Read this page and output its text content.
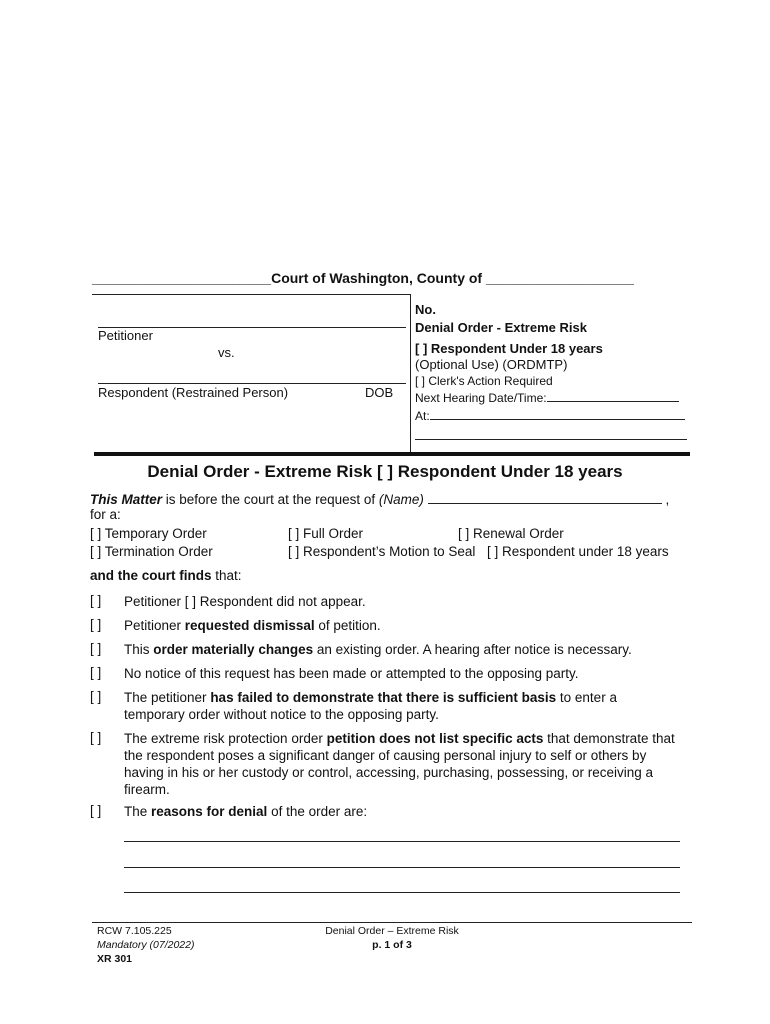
_______________________Court of Washington, County of ___________________
Petitioner
vs.
Respondent (Restrained Person)	DOB
No.
Denial Order - Extreme Risk
[ ] Respondent Under 18 years
(Optional Use) (ORDMTP)
[ ] Clerk's Action Required
Next Hearing Date/Time:
At:
Denial Order - Extreme Risk [ ] Respondent Under 18 years
This Matter is before the court at the request of (Name)	,
for a:
[ ] Temporary Order	[ ] Full Order	[ ] Renewal Order
[ ] Termination Order	[ ] Respondent’s Motion to Seal [ ] Respondent under 18 years
and the court finds that:
[ ] Petitioner [ ] Respondent did not appear.
[ ] Petitioner requested dismissal of petition.
[ ] This order materially changes an existing order. A hearing after notice is necessary.
[ ] No notice of this request has been made or attempted to the opposing party.
[ ] The petitioner has failed to demonstrate that there is sufficient basis to enter a temporary order without notice to the opposing party.
[ ] The extreme risk protection order petition does not list specific acts that demonstrate that the respondent poses a significant danger of causing personal injury to self or others by having in his or her custody or control, accessing, purchasing, possessing, or receiving a firearm.
[ ] The reasons for denial of the order are:
RCW 7.105.225
Mandatory (07/2022)
XR 301
Denial Order – Extreme Risk
p. 1 of 3
